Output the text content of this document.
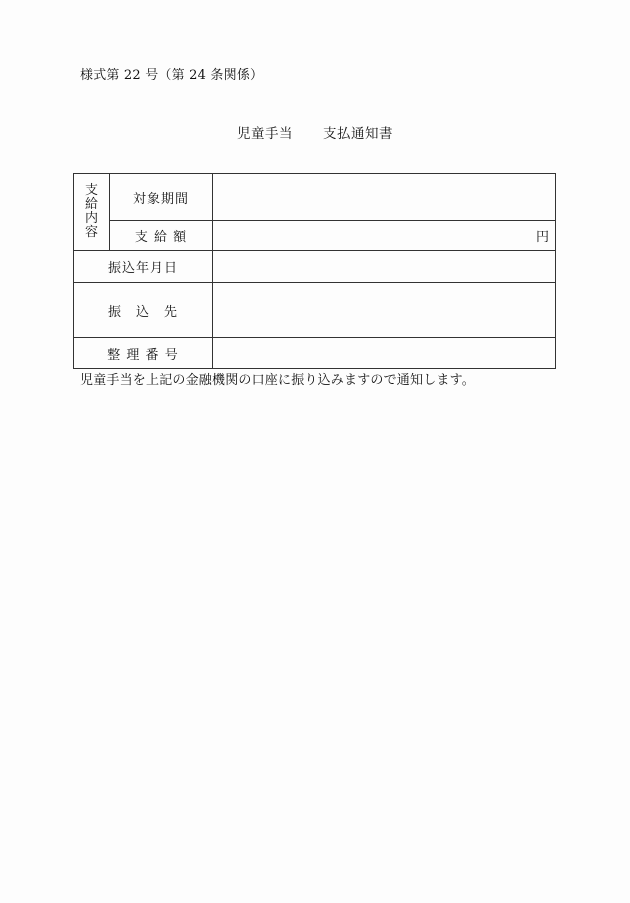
様式第 22 号（第 24 条関係）
児童手当 支払通知書
支
給
内
容	対象期間	
	支 給 額	円

振込年月日		
振　込　先		
整 理 番 号		
児童手当を上記の金融機関の口座に振り込みますので通知します。
